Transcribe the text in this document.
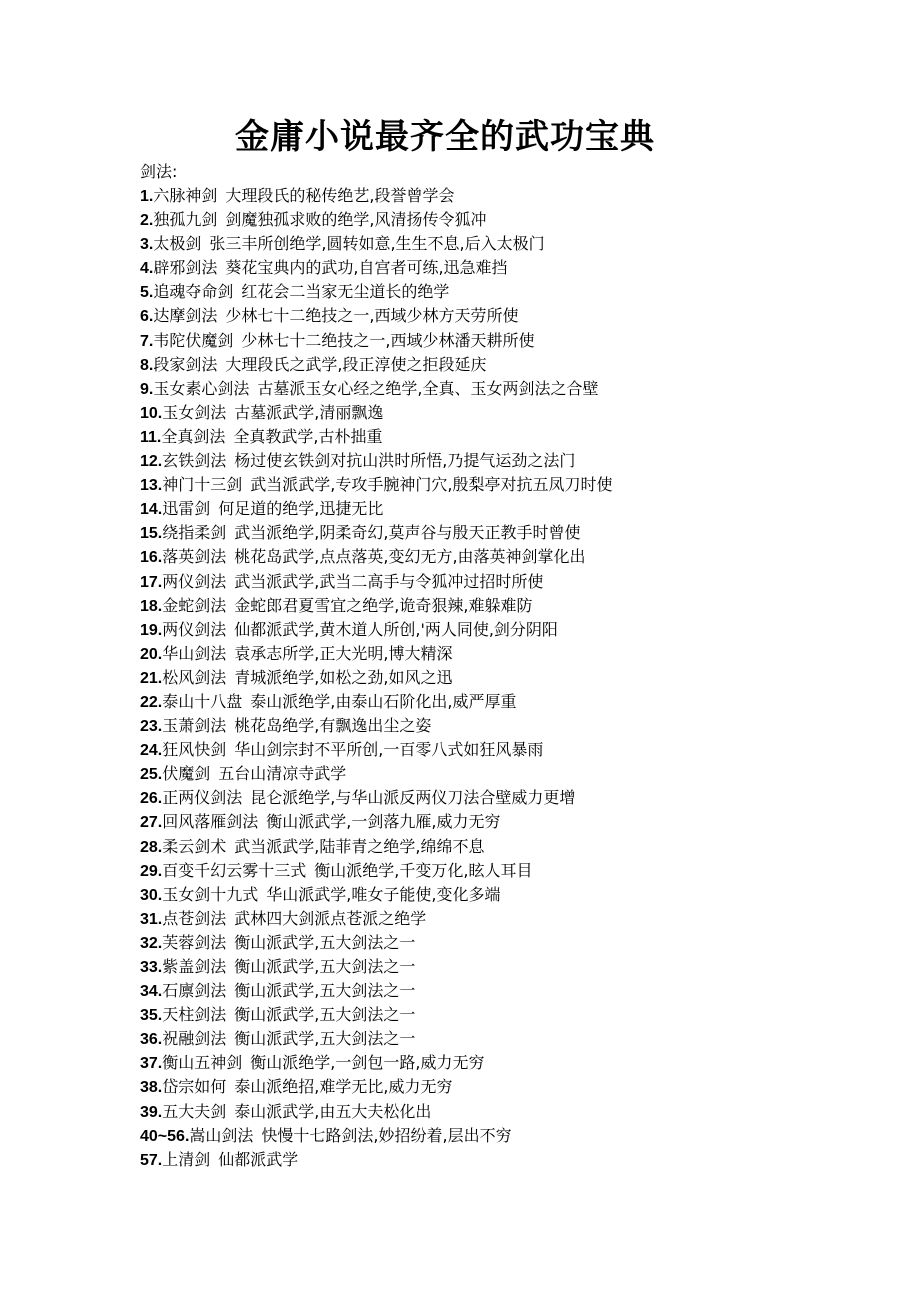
金庸小说最齐全的武功宝典
剑法:
1.六脉神剑 大理段氏的秘传绝艺,段誉曾学会
2.独孤九剑 剑魔独孤求败的绝学,风清扬传令狐冲
3.太极剑 张三丰所创绝学,圆转如意,生生不息,后入太极门
4.辟邪剑法 葵花宝典内的武功,自宫者可练,迅急难挡
5.追魂夺命剑 红花会二当家无尘道长的绝学
6.达摩剑法 少林七十二绝技之一,西域少林方天劳所使
7.韦陀伏魔剑 少林七十二绝技之一,西域少林潘天耕所使
8.段家剑法 大理段氏之武学,段正淳使之拒段延庆
9.玉女素心剑法 古墓派玉女心经之绝学,全真、玉女两剑法之合壁
10.玉女剑法 古墓派武学,清丽飘逸
11.全真剑法 全真教武学,古朴拙重
12.玄铁剑法 杨过使玄铁剑对抗山洪时所悟,乃提气运劲之法门
13.神门十三剑 武当派武学,专攻手腕神门穴,殷梨亭对抗五凤刀时使
14.迅雷剑 何足道的绝学,迅捷无比
15.绕指柔剑 武当派绝学,阴柔奇幻,莫声谷与殷天正教手时曾使
16.落英剑法 桃花岛武学,点点落英,变幻无方,由落英神剑掌化出
17.两仪剑法 武当派武学,武当二高手与令狐冲过招时所使
18.金蛇剑法 金蛇郎君夏雪宜之绝学,诡奇狠辣,难躲难防
19.两仪剑法 仙都派武学,黄木道人所创,'两人同使,剑分阴阳
20.华山剑法 袁承志所学,正大光明,博大精深
21.松风剑法 青城派绝学,如松之劲,如风之迅
22.泰山十八盘 泰山派绝学,由泰山石阶化出,威严厚重
23.玉萧剑法 桃花岛绝学,有飘逸出尘之姿
24.狂风快剑 华山剑宗封不平所创,一百零八式如狂风暴雨
25.伏魔剑 五台山清凉寺武学
26.正两仪剑法 昆仑派绝学,与华山派反两仪刀法合壁威力更增
27.回风落雁剑法 衡山派武学,一剑落九雁,威力无穷
28.柔云剑术 武当派武学,陆菲青之绝学,绵绵不息
29.百变千幻云雾十三式 衡山派绝学,千变万化,眩人耳目
30.玉女剑十九式 华山派武学,唯女子能使,变化多端
31.点苍剑法 武林四大剑派点苍派之绝学
32.芙蓉剑法 衡山派武学,五大剑法之一
33.紫盖剑法 衡山派武学,五大剑法之一
34.石廪剑法 衡山派武学,五大剑法之一
35.天柱剑法 衡山派武学,五大剑法之一
36.祝融剑法 衡山派武学,五大剑法之一
37.衡山五神剑 衡山派绝学,一剑包一路,威力无穷
38.岱宗如何 泰山派绝招,难学无比,威力无穷
39.五大夫剑 泰山派武学,由五大夫松化出
40~56.嵩山剑法 快慢十七路剑法,妙招纷着,层出不穷
57.上清剑 仙都派武学
